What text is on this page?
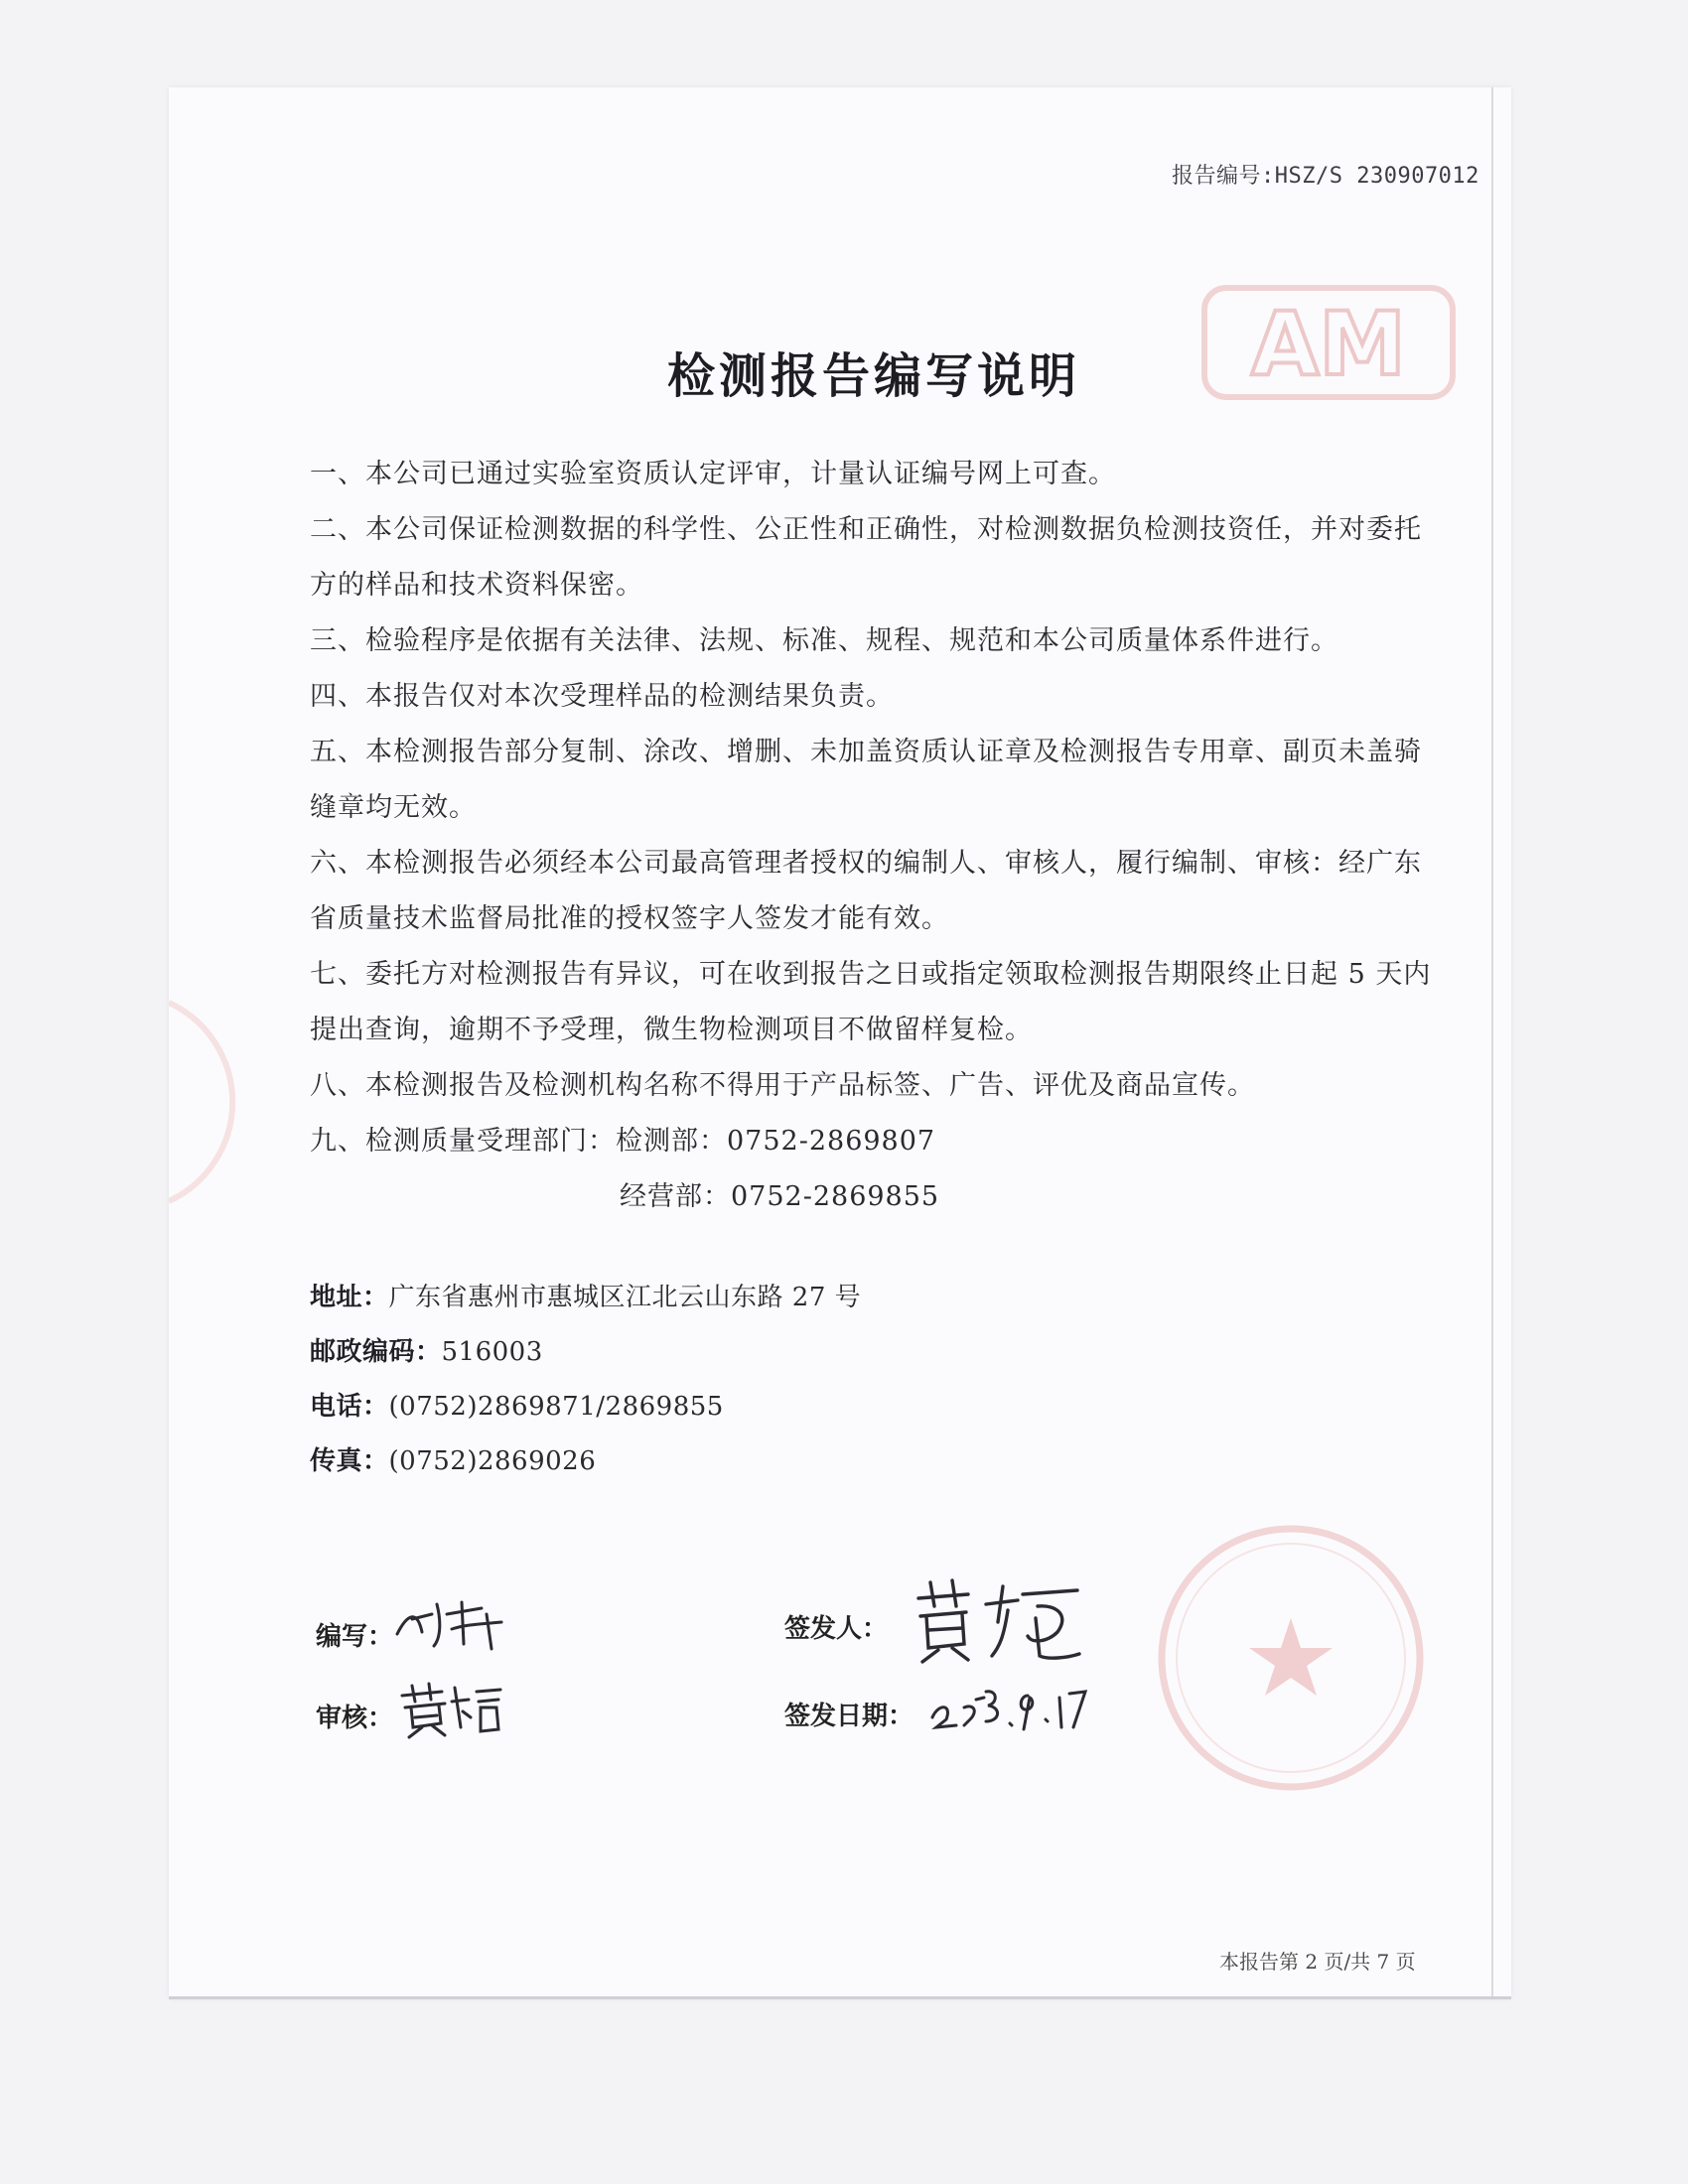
AM
报告编号:HSZ/S 230907012
检测报告编写说明

一、本公司已通过实验室资质认定评审，计量认证编号网上可查。

二、本公司保证检测数据的科学性、公正性和正确性，对检测数据负检测技资任，并对委托
方的样品和技术资料保密。

三、检验程序是依据有关法律、法规、标准、规程、规范和本公司质量体系件进行。

四、本报告仅对本次受理样品的检测结果负责。

五、本检测报告部分复制、涂改、增删、未加盖资质认证章及检测报告专用章、副页未盖骑
缝章均无效。

六、本检测报告必须经本公司最高管理者授权的编制人、审核人，履行编制、审核：经广东
省质量技术监督局批准的授权签字人签发才能有效。

七、委托方对检测报告有异议，可在收到报告之日或指定领取检测报告期限终止日起 5 天内
提出查询，逾期不予受理，微生物检测项目不做留样复检。

八、本检测报告及检测机构名称不得用于产品标签、广告、评优及商品宣传。

九、检测质量受理部门：检测部：0752-2869807
经营部：0752-2869855

地址：广东省惠州市惠城区江北云山东路 27 号
邮政编码：516003
电话：(0752)2869871/2869855
传真：(0752)2869026
编写：
审核：
签发人：
签发日期：
本报告第 2 页/共 7 页
